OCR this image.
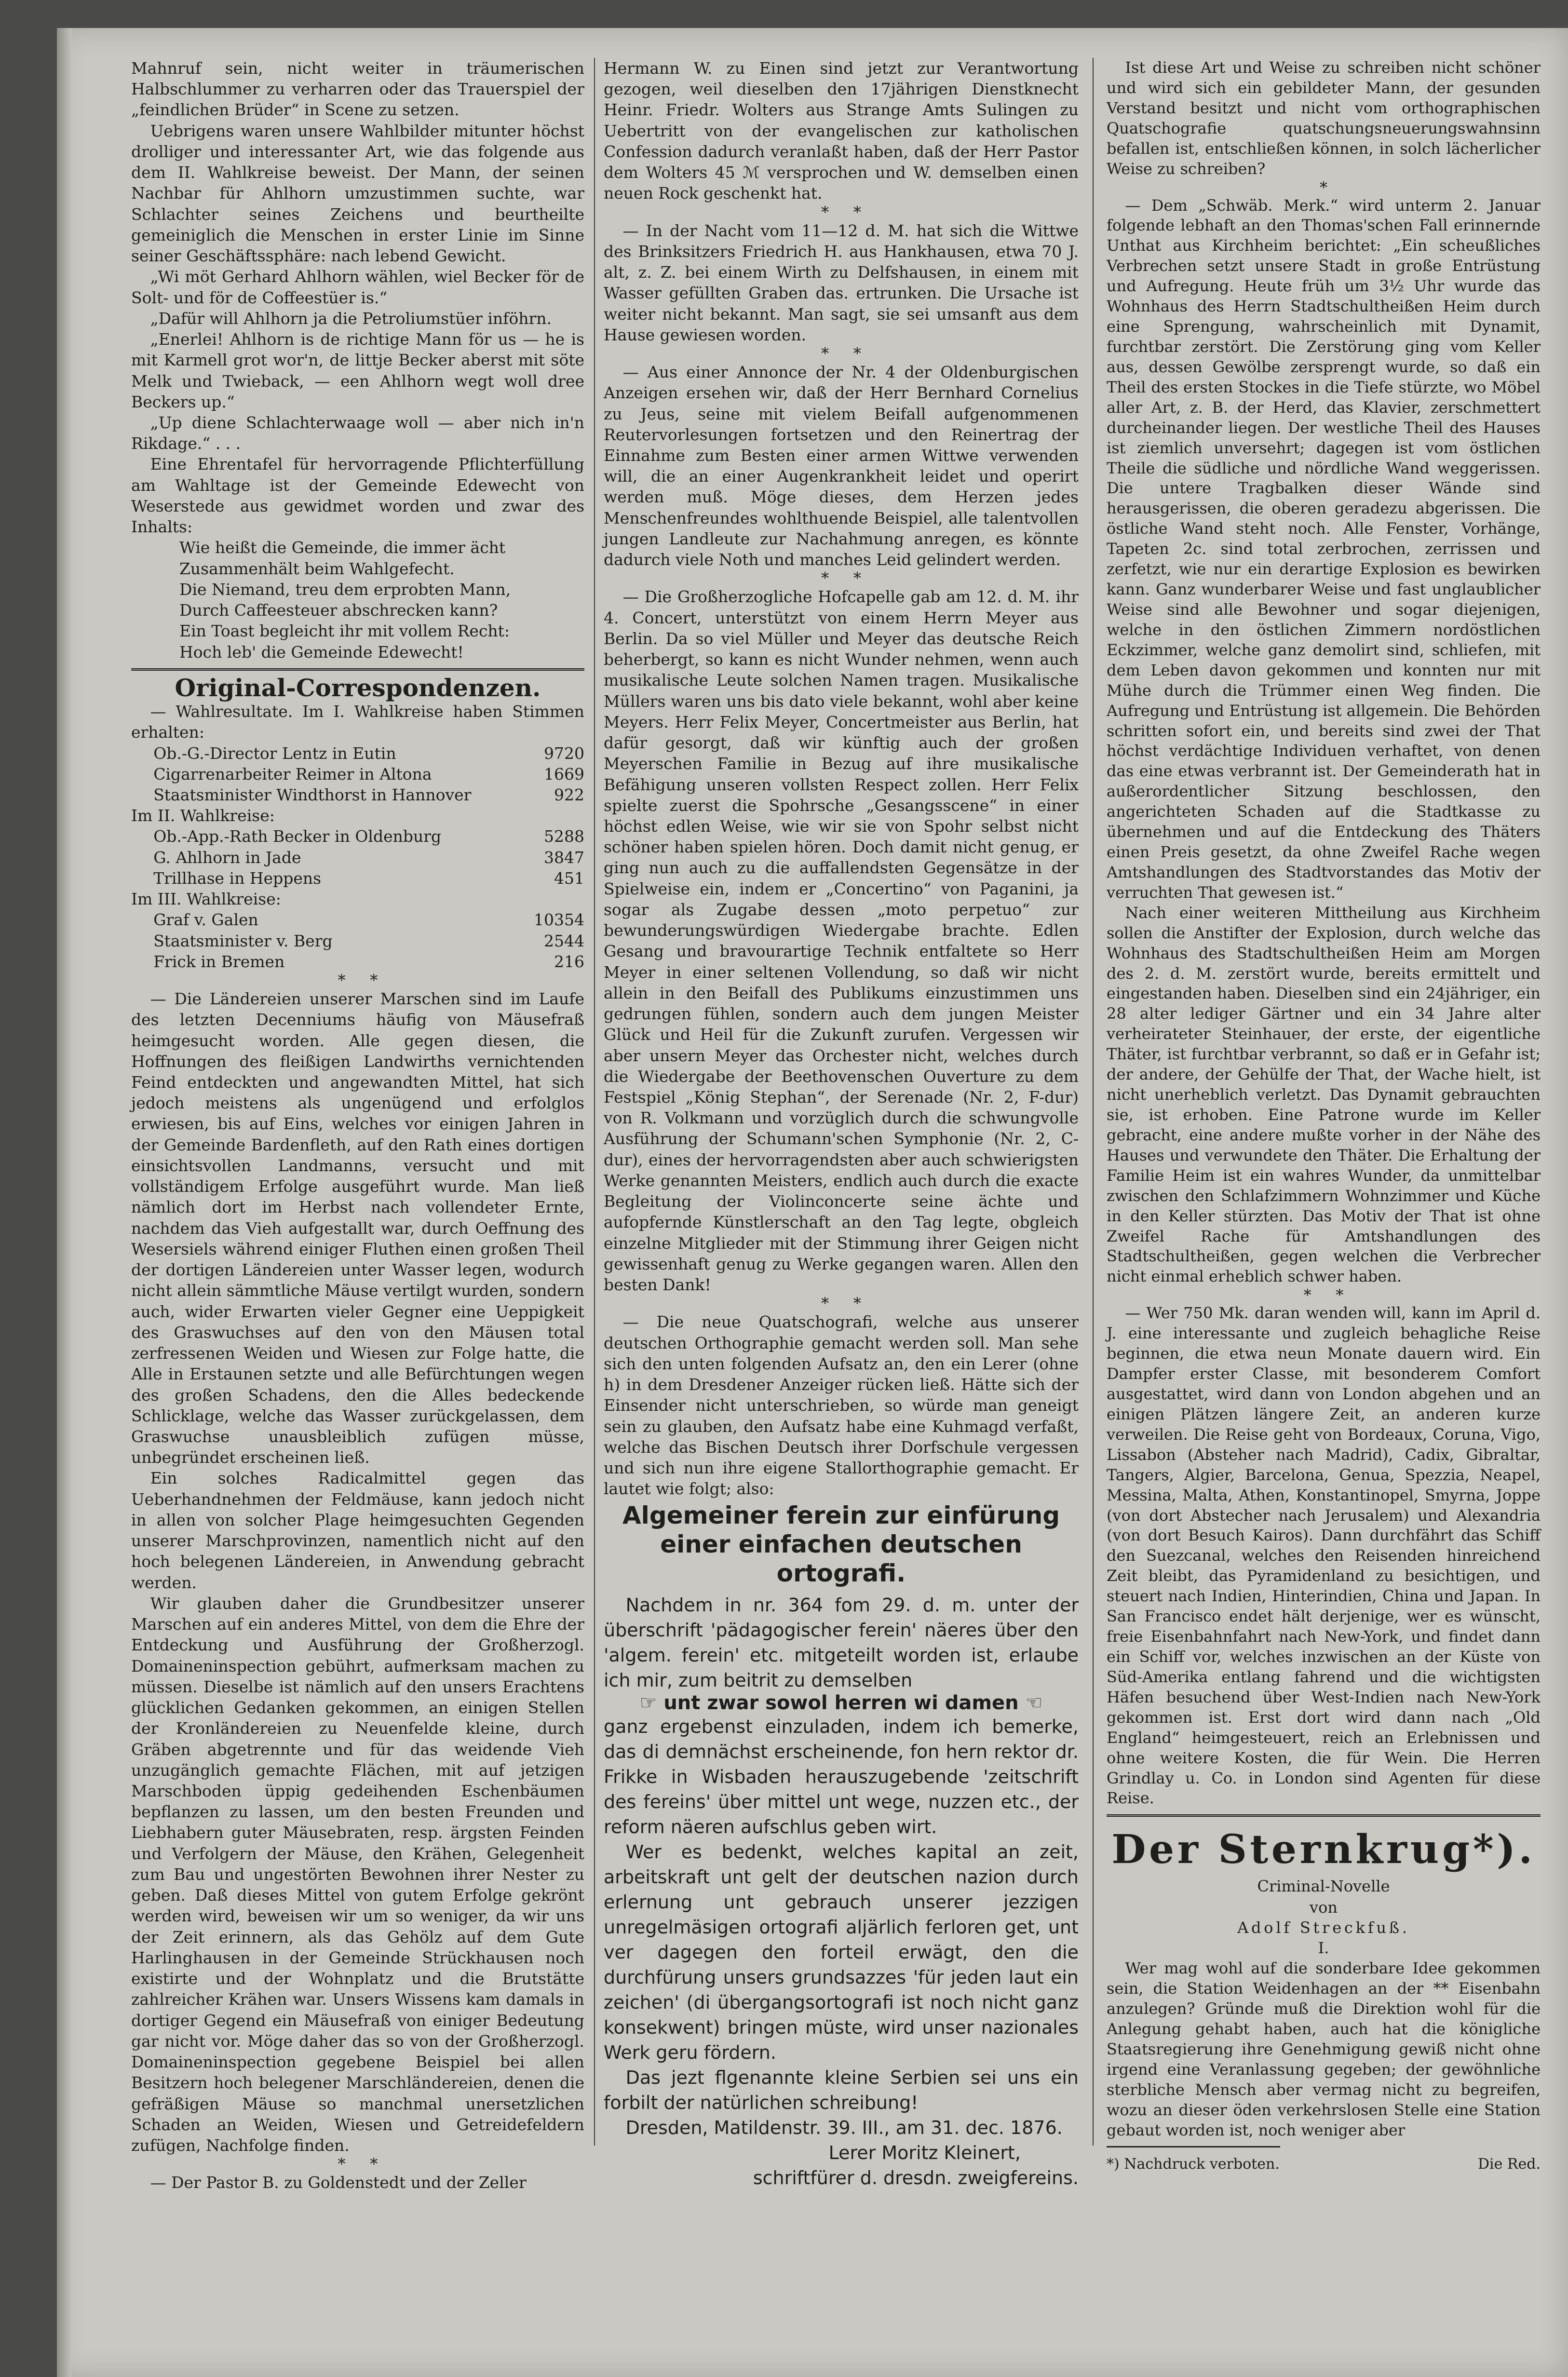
Mahnruf sein, nicht weiter in träumerischen Halbschlummer zu verharren oder das Trauerspiel der „feindlichen Brüder“ in Scene zu setzen.

Uebrigens waren unsere Wahlbilder mitunter höchst drolliger und interessanter Art, wie das folgende aus dem II. Wahlkreise beweist. Der Mann, der seinen Nachbar für Ahlhorn umzustimmen suchte, war Schlachter seines Zeichens und beurtheilte gemeiniglich die Menschen in erster Linie im Sinne seiner Geschäftssphäre: nach lebend Gewicht.

„Wi möt Gerhard Ahlhorn wählen, wiel Becker för de Solt- und för de Coffeestüer is.“

„Dafür will Ahlhorn ja die Petroliumstüer inföhrn.

„Enerlei! Ahlhorn is de richtige Mann för us — he is mit Karmell grot wor'n, de littje Becker aberst mit söte Melk und Twieback, — een Ahlhorn wegt woll dree Beckers up.“

„Up diene Schlachterwaage woll — aber nich in'n Rikdage.“ . . .

Eine Ehrentafel für hervorragende Pflichterfüllung am Wahltage ist der Gemeinde Edewecht von Weserstede aus gewidmet worden und zwar des Inhalts:

Wie heißt die Gemeinde, die immer ächt
Zusammenhält beim Wahlgefecht.
Die Niemand, treu dem erprobten Mann,
Durch Caffeesteuer abschrecken kann?
Ein Toast begleicht ihr mit vollem Recht:
Hoch leb' die Gemeinde Edewecht!
Original-Correspondenzen.

— Wahlresultate. Im I. Wahlkreise haben Stimmen erhalten:

Ob.-G.-Director Lentz in Eutin	9720
Cigarrenarbeiter Reimer in Altona	1669
Staatsminister Windthorst in Hannover	922
Im II. Wahlkreise:
Ob.-App.-Rath Becker in Oldenburg	5288
G. Ahlhorn in Jade	3847
Trillhase in Heppens	451
Im III. Wahlkreise:
Graf v. Galen	10354
Staatsminister v. Berg	2544
Frick in Bremen	216
*     *

— Die Ländereien unserer Marschen sind im Laufe des letzten Decenniums häufig von Mäusefraß heimgesucht worden. Alle gegen diesen, die Hoffnungen des fleißigen Landwirths vernichtenden Feind entdeckten und angewandten Mittel, hat sich jedoch meistens als ungenügend und erfolglos erwiesen, bis auf Eins, welches vor einigen Jahren in der Gemeinde Bardenfleth, auf den Rath eines dortigen einsichtsvollen Landmanns, versucht und mit vollständigem Erfolge ausgeführt wurde. Man ließ nämlich dort im Herbst nach vollendeter Ernte, nachdem das Vieh aufgestallt war, durch Oeffnung des Wesersiels während einiger Fluthen einen großen Theil der dortigen Ländereien unter Wasser legen, wodurch nicht allein sämmtliche Mäuse vertilgt wurden, sondern auch, wider Erwarten vieler Gegner eine Ueppigkeit des Graswuchses auf den von den Mäusen total zerfressenen Weiden und Wiesen zur Folge hatte, die Alle in Erstaunen setzte und alle Befürchtungen wegen des großen Schadens, den die Alles bedeckende Schlicklage, welche das Wasser zurückgelassen, dem Graswuchse unausbleiblich zufügen müsse, unbegründet erscheinen ließ.

Ein solches Radicalmittel gegen das Ueberhandnehmen der Feldmäuse, kann jedoch nicht in allen von solcher Plage heimgesuchten Gegenden unserer Marschprovinzen, namentlich nicht auf den hoch belegenen Ländereien, in Anwendung gebracht werden.

Wir glauben daher die Grundbesitzer unserer Marschen auf ein anderes Mittel, von dem die Ehre der Entdeckung und Ausführung der Großherzogl. Domaineninspection gebührt, aufmerksam machen zu müssen. Dieselbe ist nämlich auf den unsers Erachtens glücklichen Gedanken gekommen, an einigen Stellen der Kronländereien zu Neuenfelde kleine, durch Gräben abgetrennte und für das weidende Vieh unzugänglich gemachte Flächen, mit auf jetzigen Marschboden üppig gedeihenden Eschenbäumen bepflanzen zu lassen, um den besten Freunden und Liebhabern guter Mäusebraten, resp. ärgsten Feinden und Verfolgern der Mäuse, den Krähen, Gelegenheit zum Bau und ungestörten Bewohnen ihrer Nester zu geben. Daß dieses Mittel von gutem Erfolge gekrönt werden wird, beweisen wir um so weniger, da wir uns der Zeit erinnern, als das Gehölz auf dem Gute Harlinghausen in der Gemeinde Strückhausen noch existirte und der Wohnplatz und die Brutstätte zahlreicher Krähen war. Unsers Wissens kam damals in dortiger Gegend ein Mäusefraß von einiger Bedeutung gar nicht vor. Möge daher das so von der Großherzogl. Domaineninspection gegebene Beispiel bei allen Besitzern hoch belegener Marschländereien, denen die gefräßigen Mäuse so manchmal unersetzlichen Schaden an Weiden, Wiesen und Getreidefeldern zufügen, Nachfolge finden.

*     *

— Der Pastor B. zu Goldenstedt und der Zeller

Hermann W. zu Einen sind jetzt zur Verantwortung gezogen, weil dieselben den 17jährigen Dienstknecht Heinr. Friedr. Wolters aus Strange Amts Sulingen zu Uebertritt von der evangelischen zur katholischen Confession dadurch veranlaßt haben, daß der Herr Pastor dem Wolters 45 ℳ versprochen und W. demselben einen neuen Rock geschenkt hat.

*     *

— In der Nacht vom 11—12 d. M. hat sich die Wittwe des Brinksitzers Friedrich H. aus Hankhausen, etwa 70 J. alt, z. Z. bei einem Wirth zu Delfshausen, in einem mit Wasser gefüllten Graben das. ertrunken. Die Ursache ist weiter nicht bekannt. Man sagt, sie sei umsanft aus dem Hause gewiesen worden.

*     *

— Aus einer Annonce der Nr. 4 der Oldenburgischen Anzeigen ersehen wir, daß der Herr Bernhard Cornelius zu Jeus, seine mit vielem Beifall aufgenommenen Reutervorlesungen fortsetzen und den Reinertrag der Einnahme zum Besten einer armen Wittwe verwenden will, die an einer Augenkrankheit leidet und operirt werden muß. Möge dieses, dem Herzen jedes Menschenfreundes wohlthuende Beispiel, alle talentvollen jungen Landleute zur Nachahmung anregen, es könnte dadurch viele Noth und manches Leid gelindert werden.

*     *

— Die Großherzogliche Hofcapelle gab am 12. d. M. ihr 4. Concert, unterstützt von einem Herrn Meyer aus Berlin. Da so viel Müller und Meyer das deutsche Reich beherbergt, so kann es nicht Wunder nehmen, wenn auch musikalische Leute solchen Namen tragen. Musikalische Müllers waren uns bis dato viele bekannt, wohl aber keine Meyers. Herr Felix Meyer, Concertmeister aus Berlin, hat dafür gesorgt, daß wir künftig auch der großen Meyerschen Familie in Bezug auf ihre musikalische Befähigung unseren vollsten Respect zollen. Herr Felix spielte zuerst die Spohrsche „Gesangsscene“ in einer höchst edlen Weise, wie wir sie von Spohr selbst nicht schöner haben spielen hören. Doch damit nicht genug, er ging nun auch zu die auffallendsten Gegensätze in der Spielweise ein, indem er „Concertino“ von Paganini, ja sogar als Zugabe dessen „moto perpetuo“ zur bewunderungswürdigen Wiedergabe brachte. Edlen Gesang und bravourartige Technik entfaltete so Herr Meyer in einer seltenen Vollendung, so daß wir nicht allein in den Beifall des Publikums einzustimmen uns gedrungen fühlen, sondern auch dem jungen Meister Glück und Heil für die Zukunft zurufen. Vergessen wir aber unsern Meyer das Orchester nicht, welches durch die Wiedergabe der Beethovenschen Ouverture zu dem Festspiel „König Stephan“, der Serenade (Nr. 2, F-dur) von R. Volkmann und vorzüglich durch die schwungvolle Ausführung der Schumann'schen Symphonie (Nr. 2, C-dur), eines der hervorragendsten aber auch schwierigsten Werke genannten Meisters, endlich auch durch die exacte Begleitung der Violinconcerte seine ächte und aufopfernde Künstlerschaft an den Tag legte, obgleich einzelne Mitglieder mit der Stimmung ihrer Geigen nicht gewissenhaft genug zu Werke gegangen waren. Allen den besten Dank!

*     *

— Die neue Quatschografi, welche aus unserer deutschen Orthographie gemacht werden soll. Man sehe sich den unten folgenden Aufsatz an, den ein Lerer (ohne h) in dem Dresdener Anzeiger rücken ließ. Hätte sich der Einsender nicht unterschrieben, so würde man geneigt sein zu glauben, den Aufsatz habe eine Kuhmagd verfaßt, welche das Bischen Deutsch ihrer Dorfschule vergessen und sich nun ihre eigene Stallorthographie gemacht. Er lautet wie folgt; also:

Algemeiner ferein zur einfürung einer einfachen deutschen ortografi.

Nachdem in nr. 364 fom 29. d. m. unter der überschrift 'pädagogischer ferein' näeres über den 'algem. ferein' etc. mitgeteilt worden ist, erlaube ich mir, zum beitrit zu demselben

☞ unt zwar sowol herren wi damen ☜

ganz ergebenst einzuladen, indem ich bemerke, das di demnächst erscheinende, fon hern rektor dr. Frikke in Wisbaden herauszugebende 'zeitschrift des fereins' über mittel unt wege, nuzzen etc., der reform näeren aufschlus geben wirt.

Wer es bedenkt, welches kapital an zeit, arbeitskraft unt gelt der deutschen nazion durch erlernung unt gebrauch unserer jezzigen unregelmäsigen ortografi aljärlich ferloren get, unt ver dagegen den forteil erwägt, den die durchfürung unsers grundsazzes 'für jeden laut ein zeichen' (di übergangsortografi ist noch nicht ganz konsekwent) bringen müste, wird unser nazionales Werk geru fördern.

Das jezt flgenannte kleine Serbien sei uns ein forbilt der natürlichen schreibung!

Dresden, Matildenstr. 39. III., am 31. dec. 1876.

Lerer Moritz Kleinert,
schriftfürer d. dresdn. zweigfereins.

Ist diese Art und Weise zu schreiben nicht schöner und wird sich ein gebildeter Mann, der gesunden Verstand besitzt und nicht vom orthographischen Quatschografie quatschungsneuerungswahnsinn befallen ist, entschließen können, in solch lächerlicher Weise zu schreiben?

*

— Dem „Schwäb. Merk.“ wird unterm 2. Januar folgende lebhaft an den Thomas'schen Fall erinnernde Unthat aus Kirchheim berichtet: „Ein scheußliches Verbrechen setzt unsere Stadt in große Entrüstung und Aufregung. Heute früh um 3½ Uhr wurde das Wohnhaus des Herrn Stadtschultheißen Heim durch eine Sprengung, wahrscheinlich mit Dynamit, furchtbar zerstört. Die Zerstörung ging vom Keller aus, dessen Gewölbe zersprengt wurde, so daß ein Theil des ersten Stockes in die Tiefe stürzte, wo Möbel aller Art, z. B. der Herd, das Klavier, zerschmettert durcheinander liegen. Der westliche Theil des Hauses ist ziemlich unversehrt; dagegen ist vom östlichen Theile die südliche und nördliche Wand weggerissen. Die untere Tragbalken dieser Wände sind herausgerissen, die oberen geradezu abgerissen. Die östliche Wand steht noch. Alle Fenster, Vorhänge, Tapeten 2c. sind total zerbrochen, zerrissen und zerfetzt, wie nur ein derartige Explosion es bewirken kann. Ganz wunderbarer Weise und fast unglaublicher Weise sind alle Bewohner und sogar diejenigen, welche in den östlichen Zimmern nordöstlichen Eckzimmer, welche ganz demolirt sind, schliefen, mit dem Leben davon gekommen und konnten nur mit Mühe durch die Trümmer einen Weg finden. Die Aufregung und Entrüstung ist allgemein. Die Behörden schritten sofort ein, und bereits sind zwei der That höchst verdächtige Individuen verhaftet, von denen das eine etwas verbrannt ist. Der Gemeinderath hat in außerordentlicher Sitzung beschlossen, den angerichteten Schaden auf die Stadtkasse zu übernehmen und auf die Entdeckung des Thäters einen Preis gesetzt, da ohne Zweifel Rache wegen Amtshandlungen des Stadtvorstandes das Motiv der verruchten That gewesen ist.“

Nach einer weiteren Mittheilung aus Kirchheim sollen die Anstifter der Explosion, durch welche das Wohnhaus des Stadtschultheißen Heim am Morgen des 2. d. M. zerstört wurde, bereits ermittelt und eingestanden haben. Dieselben sind ein 24jähriger, ein 28 alter lediger Gärtner und ein 34 Jahre alter verheirateter Steinhauer, der erste, der eigentliche Thäter, ist furchtbar verbrannt, so daß er in Gefahr ist; der andere, der Gehülfe der That, der Wache hielt, ist nicht unerheblich verletzt. Das Dynamit gebrauchten sie, ist erhoben. Eine Patrone wurde im Keller gebracht, eine andere mußte vorher in der Nähe des Hauses und verwundete den Thäter. Die Erhaltung der Familie Heim ist ein wahres Wunder, da unmittelbar zwischen den Schlafzimmern Wohnzimmer und Küche in den Keller stürzten. Das Motiv der That ist ohne Zweifel Rache für Amtshandlungen des Stadtschultheißen, gegen welchen die Verbrecher nicht einmal erheblich schwer haben.

*     *

— Wer 750 Mk. daran wenden will, kann im April d. J. eine interessante und zugleich behagliche Reise beginnen, die etwa neun Monate dauern wird. Ein Dampfer erster Classe, mit besonderem Comfort ausgestattet, wird dann von London abgehen und an einigen Plätzen längere Zeit, an anderen kurze verweilen. Die Reise geht von Bordeaux, Coruna, Vigo, Lissabon (Absteher nach Madrid), Cadix, Gibraltar, Tangers, Algier, Barcelona, Genua, Spezzia, Neapel, Messina, Malta, Athen, Konstantinopel, Smyrna, Joppe (von dort Abstecher nach Jerusalem) und Alexandria (von dort Besuch Kairos). Dann durchfährt das Schiff den Suezcanal, welches den Reisenden hinreichend Zeit bleibt, das Pyramidenland zu besichtigen, und steuert nach Indien, Hinterindien, China und Japan. In San Francisco endet hält derjenige, wer es wünscht, freie Eisenbahnfahrt nach New-York, und findet dann ein Schiff vor, welches inzwischen an der Küste von Süd-Amerika entlang fahrend und die wichtigsten Häfen besuchend über West-Indien nach New-York gekommen ist. Erst dort wird dann nach „Old England“ heimgesteuert, reich an Erlebnissen und ohne weitere Kosten, die für Wein. Die Herren Grindlay u. Co. in London sind Agenten für diese Reise.

Der Sternkrug*).
Criminal-Novelle
von
Adolf Streckfuß.
I.

Wer mag wohl auf die sonderbare Idee gekommen sein, die Station Weidenhagen an der ** Eisenbahn anzulegen? Gründe muß die Direktion wohl für die Anlegung gehabt haben, auch hat die königliche Staatsregierung ihre Genehmigung gewiß nicht ohne irgend eine Veranlassung gegeben; der gewöhnliche sterbliche Mensch aber vermag nicht zu begreifen, wozu an dieser öden verkehrslosen Stelle eine Station gebaut worden ist, noch weniger aber

*) Nachdruck verboten.	Die Red.
